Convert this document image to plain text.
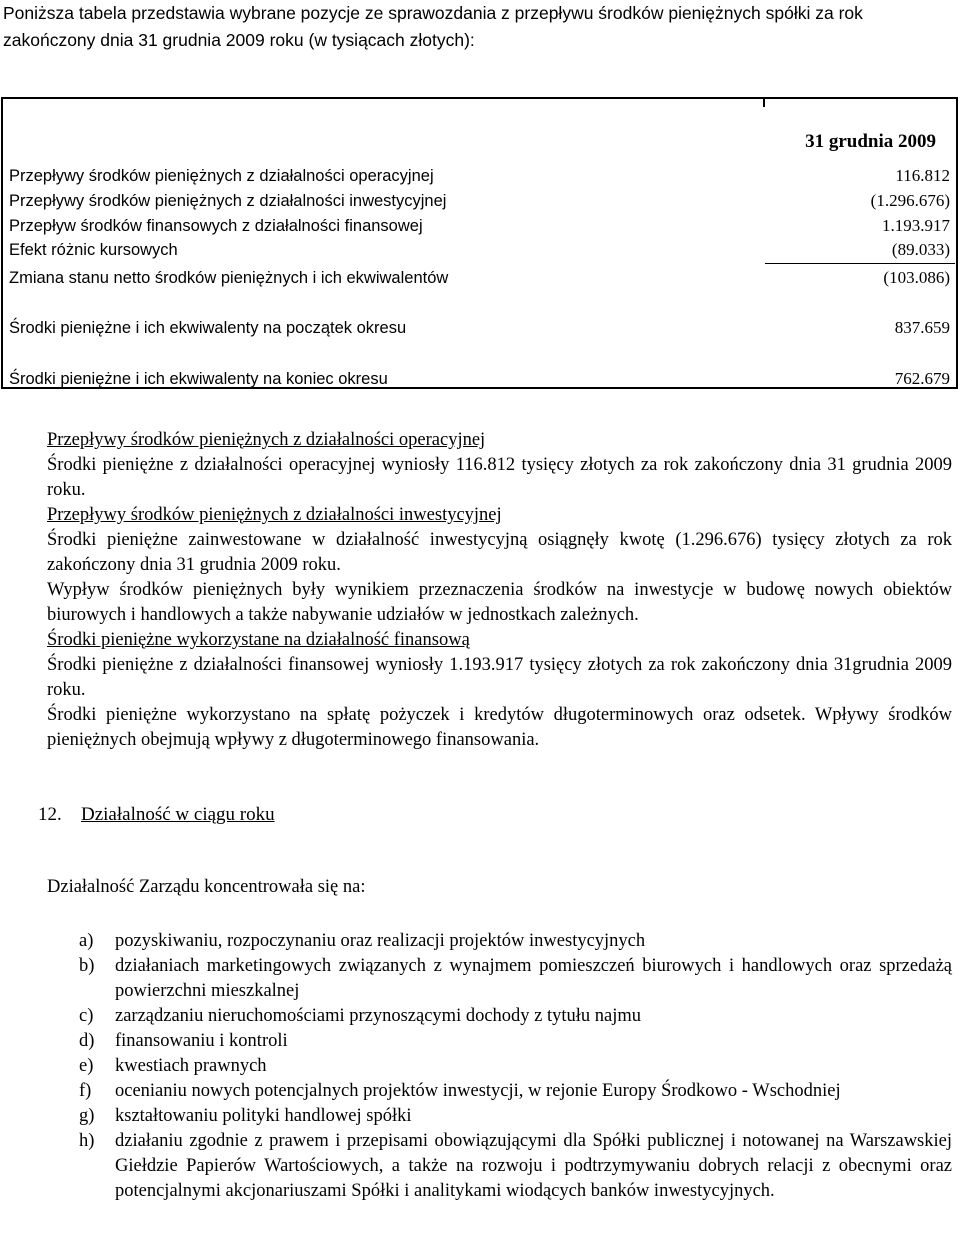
Poniższa tabela przedstawia wybrane pozycje ze sprawozdania z przepływu środków pieniężnych spółki za rok zakończony dnia 31 grudnia 2009 roku (w tysiącach złotych):
31 grudnia 2009
Przepływy środków pieniężnych z działalności operacyjnej	116.812
Przepływy środków pieniężnych z działalności inwestycyjnej	(1.296.676)
Przepływ środków finansowych z działalności finansowej	1.193.917
Efekt różnic kursowych	(89.033)
Zmiana stanu netto środków pieniężnych i ich ekwiwalentów	(103.086)
Środki pieniężne i ich ekwiwalenty na początek okresu	837.659
Środki pieniężne i ich ekwiwalenty na koniec okresu	762.679

Przepływy środków pieniężnych z działalności operacyjnej

Środki pieniężne z działalności operacyjnej wyniosły 116.812 tysięcy złotych za rok zakończony dnia 31 grudnia 2009 roku.

Przepływy środków pieniężnych z działalności inwestycyjnej

Środki pieniężne zainwestowane w działalność inwestycyjną osiągnęły kwotę (1.296.676) tysięcy złotych za rok zakończony dnia 31 grudnia 2009 roku.

Wypływ środków pieniężnych były wynikiem przeznaczenia środków na inwestycje w budowę nowych obiektów biurowych i handlowych a także nabywanie udziałów w jednostkach zależnych.

Środki pieniężne wykorzystane na działalność finansową

Środki pieniężne z działalności finansowej wyniosły 1.193.917 tysięcy złotych za rok zakończony dnia 31grudnia 2009 roku.

Środki pieniężne wykorzystano na spłatę pożyczek i kredytów długoterminowych oraz odsetek. Wpływy środków pieniężnych obejmują wpływy z długoterminowego finansowania.

12. Działalność w ciągu roku
Działalność Zarządu koncentrowała się na:
a) pozyskiwaniu, rozpoczynaniu oraz realizacji projektów inwestycyjnych
b) działaniach marketingowych związanych z wynajmem pomieszczeń biurowych i handlowych oraz sprzedażą powierzchni mieszkalnej
c) zarządzaniu nieruchomościami przynoszącymi dochody z tytułu najmu
d) finansowaniu i kontroli
e) kwestiach prawnych
f) ocenianiu nowych potencjalnych projektów inwestycji, w rejonie Europy Środkowo - Wschodniej
g) kształtowaniu polityki handlowej spółki
h) działaniu zgodnie z prawem i przepisami obowiązującymi dla Spółki publicznej i notowanej na Warszawskiej Giełdzie Papierów Wartościowych, a także na rozwoju i podtrzymywaniu dobrych relacji z obecnymi oraz potencjalnymi akcjonariuszami Spółki i analitykami wiodących banków inwestycyjnych.
